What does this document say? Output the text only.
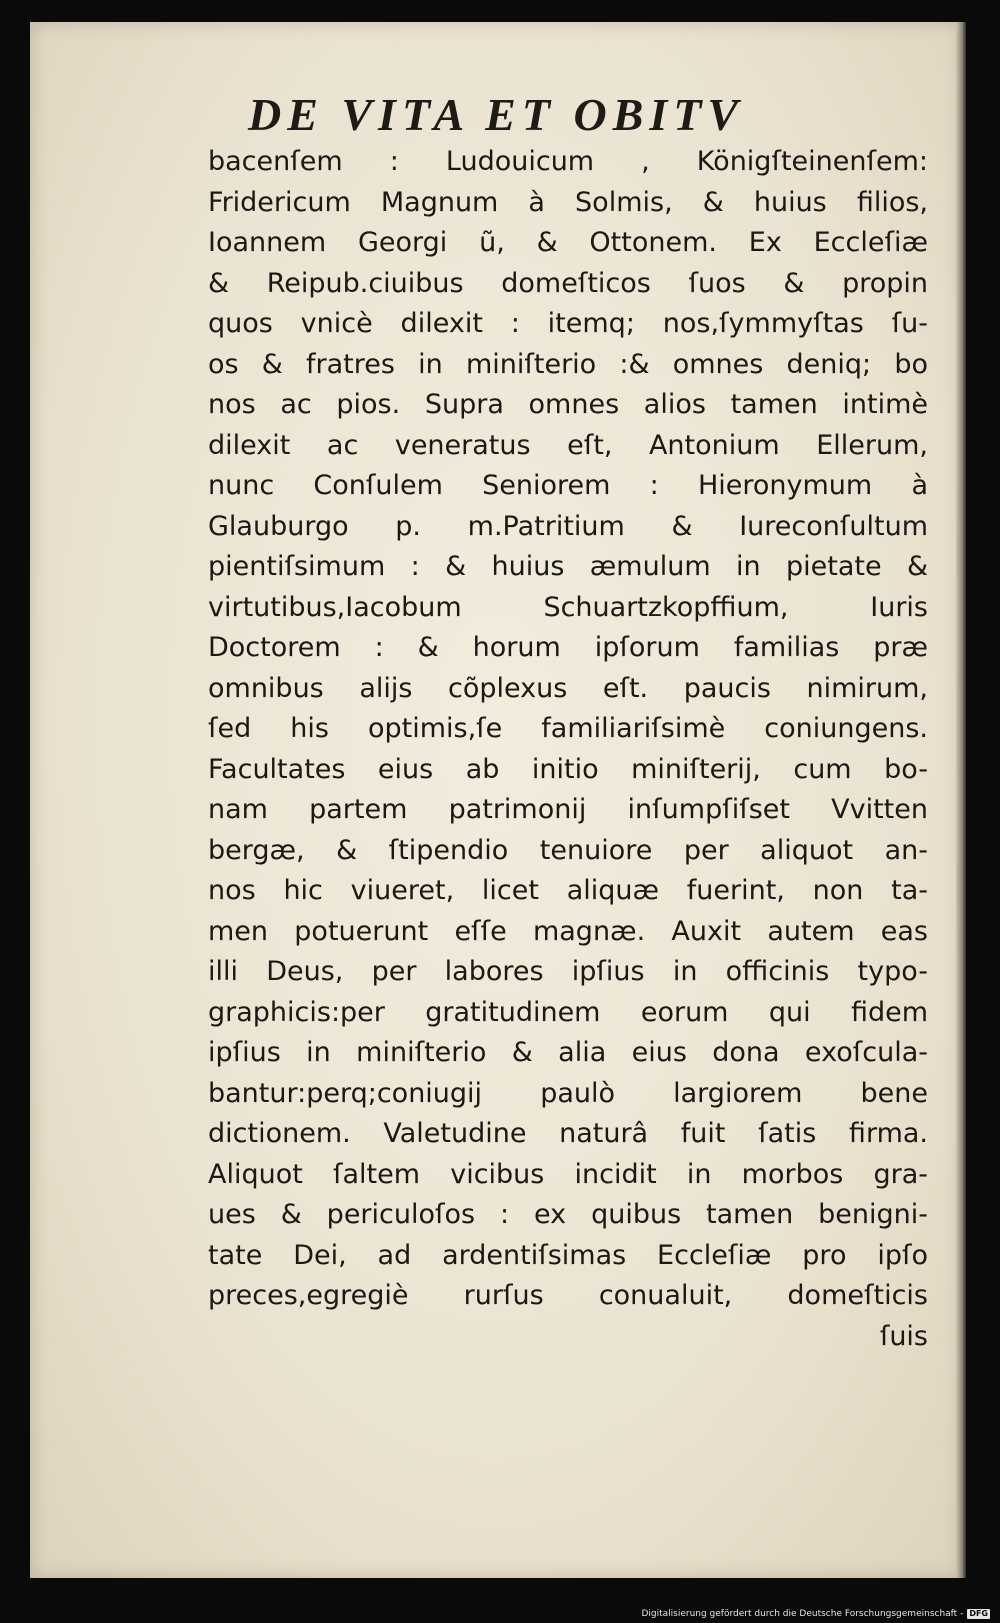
DE VITA ET OBITV
bacenſem : Ludouicum , Königſteinenſem:
Fridericum Magnum à Solmis, & huius filios,
Ioannem Georgi ũ, & Ottonem. Ex Eccleſiæ
& Reipub.ciuibus domeſticos ſuos & propin
quos vnicè dilexit : itemq; nos,ſymmyſtas ſu-
os & fratres in miniſterio :& omnes deniq; bo
nos ac pios. Supra omnes alios tamen intimè
dilexit ac veneratus eſt, Antonium Ellerum,
nunc Conſulem Seniorem : Hieronymum à
Glauburgo p. m.Patritium & Iureconſultum
pientiſsimum : & huius æmulum in pietate &
virtutibus,Iacobum Schuartzkopffium, Iuris
Doctorem : & horum ipſorum familias præ
omnibus alijs cõplexus eſt. paucis nimirum,
ſed his optimis,ſe familiariſsimè coniungens.
Facultates eius ab initio miniſterij, cum bo-
nam partem patrimonij inſumpſiſset Vvitten
bergæ, & ſtipendio tenuiore per aliquot an-
nos hic viueret, licet aliquæ fuerint, non ta-
men potuerunt eſſe magnæ. Auxit autem eas
illi Deus, per labores ipſius in officinis typo-
graphicis:per gratitudinem eorum qui fidem
ipſius in miniſterio & alia eius dona exoſcula-
bantur:perq;coniugij paulò largiorem bene
dictionem. Valetudine naturâ fuit ſatis firma.
Aliquot ſaltem vicibus incidit in morbos gra-
ues & periculoſos : ex quibus tamen benigni-
tate Dei, ad ardentiſsimas Eccleſiæ pro ipſo
preces,egregiè rurſus conualuit, domeſticis
ſuis
Digitalisierung gefördert durch die Deutsche Forschungsgemeinschaft - DFG
